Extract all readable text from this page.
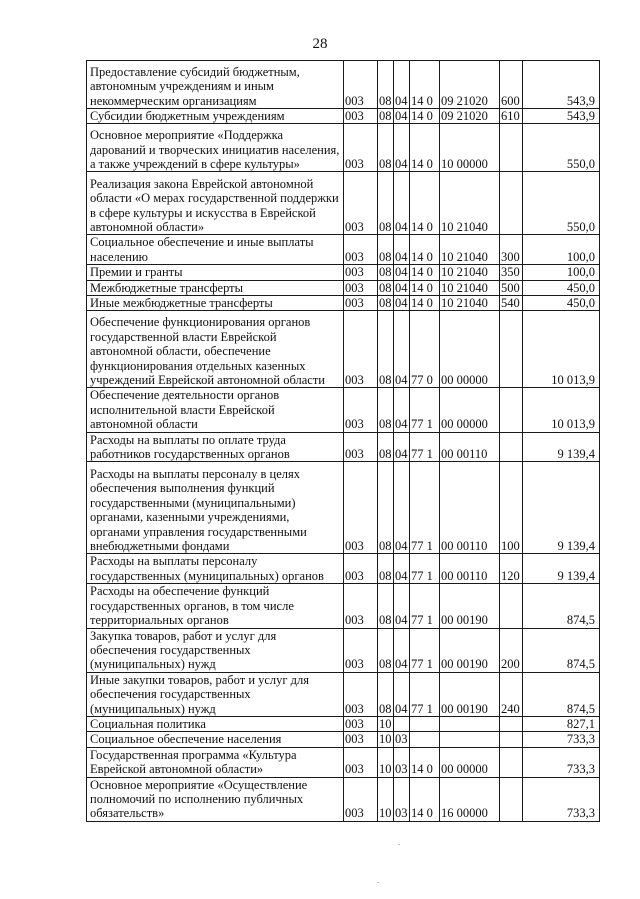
28
Предоставление субсидий бюджетным, автономным учреждениям и иным некоммерческим организациям	003	08	04	14 0	09 21020	600	543,9
Субсидии бюджетным учреждениям	003	08	04	14 0	09 21020	610	543,9
Основное мероприятие «Поддержка дарований и творческих инициатив населения, а также учреждений в сфере культуры»	003	08	04	14 0	10 00000		550,0
Реализация закона Еврейской автономной области «О мерах государственной поддержки в сфере культуры и искусства в Еврейской автономной области»	003	08	04	14 0	10 21040		550,0
Социальное обеспечение и иные выплаты населению	003	08	04	14 0	10 21040	300	100,0
Премии и гранты	003	08	04	14 0	10 21040	350	100,0
Межбюджетные трансферты	003	08	04	14 0	10 21040	500	450,0
Иные межбюджетные трансферты	003	08	04	14 0	10 21040	540	450,0
Обеспечение функционирования органов государственной власти Еврейской автономной области, обеспечение функционирования отдельных казенных учреждений Еврейской автономной области	003	08	04	77 0	00 00000		10 013,9
Обеспечение деятельности органов исполнительной власти Еврейской автономной области	003	08	04	77 1	00 00000		10 013,9
Расходы на выплаты по оплате труда работников государственных органов	003	08	04	77 1	00 00110		9 139,4
Расходы на выплаты персоналу в целях обеспечения выполнения функций государственными (муниципальными) органами, казенными учреждениями, органами управления государственными внебюджетными фондами	003	08	04	77 1	00 00110	100	9 139,4
Расходы на выплаты персоналу государственных (муниципальных) органов	003	08	04	77 1	00 00110	120	9 139,4
Расходы на обеспечение функций государственных органов, в том числе территориальных органов	003	08	04	77 1	00 00190		874,5
Закупка товаров, работ и услуг для обеспечения государственных (муниципальных) нужд	003	08	04	77 1	00 00190	200	874,5
Иные закупки товаров, работ и услуг для обеспечения государственных (муниципальных) нужд	003	08	04	77 1	00 00190	240	874,5
Социальная политика	003	10					827,1
Социальное обеспечение населения	003	10	03				733,3
Государственная программа «Культура Еврейской автономной области»	003	10	03	14 0	00 00000		733,3
Основное мероприятие «Осуществление полномочий по исполнению публичных обязательств»	003	10	03	14 0	16 00000		733,3
.
.
